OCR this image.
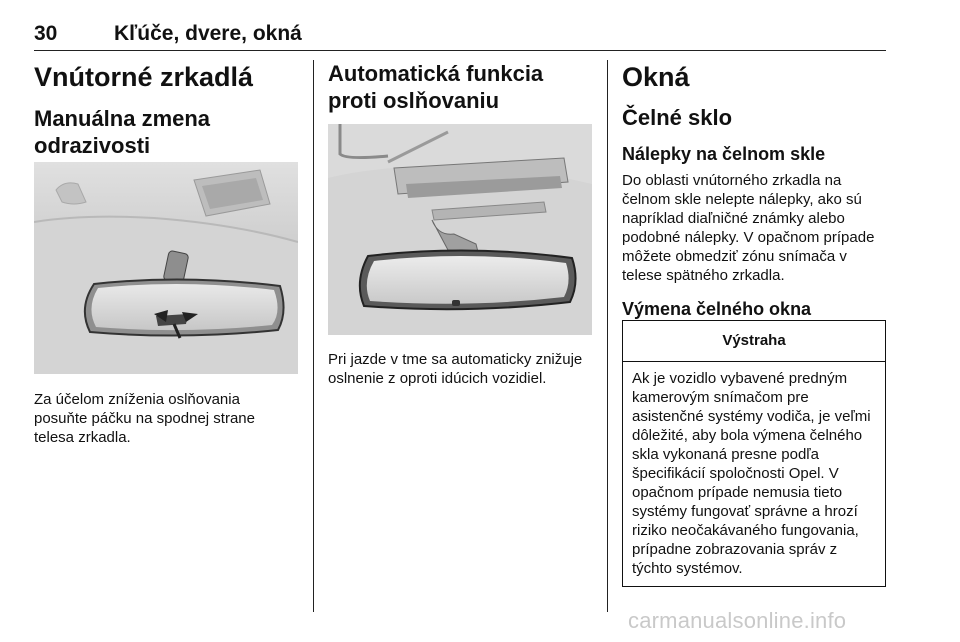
30	Kľúče, dvere, okná
Vnútorné zrkadlá
Manuálna zmena odrazivosti

Za účelom zníženia oslňovania posuňte páčku na spodnej strane telesa zrkadla.

Automatická funkcia proti oslňovaniu

Pri jazde v tme sa automaticky znižuje oslnenie z oproti idúcich vozidiel.

Okná
Čelné sklo
Nálepky na čelnom skle

Do oblasti vnútorného zrkadla na čelnom skle nelepte nálepky, ako sú napríklad diaľničné známky alebo podobné nálepky. V opačnom prípade môžete obmedziť zónu snímača v telese spätného zrkadla.

Výmena čelného okna
Výstraha
Ak je vozidlo vybavené predným kamerovým snímačom pre asistenčné systémy vodiča, je veľmi dôležité, aby bola výmena čelného skla vykonaná presne podľa špecifikácií spoločnosti Opel. V opačnom prípade nemusia tieto systémy fungovať správne a hrozí riziko neočakávaného fungovania, prípadne zobrazovania správ z týchto systémov.
carmanualsonline.info
